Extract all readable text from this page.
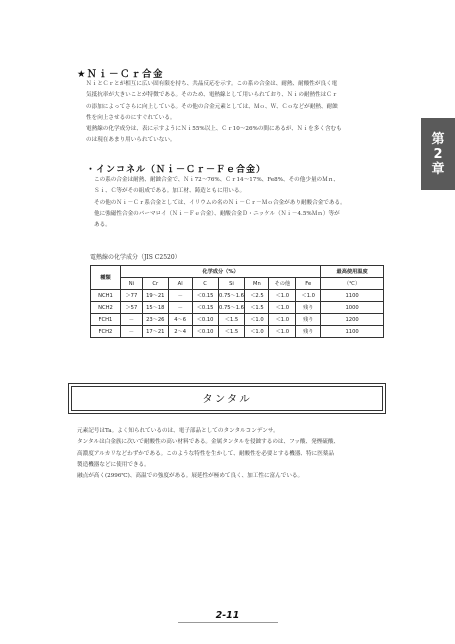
第
2
章
★Ｎｉ－Ｃｒ合金
ＮｉとＣｒとが相互に広い固有限を持ち、共晶反応を示す。この系の合金は、耐熱、耐酸性が良く電
気抵抗率が大きいことが特徴である。そのため、電熱線として用いられており、Ｎｉの耐熱性はＣｒ
の添加によってさらに向上している。その他の合金元素としては、Ｍｏ、Ｗ、Ｃｏなどが耐熱、耐蝕
性を向上させるのにすぐれている。
電熱線の化学成分は、表に示すようにＮｉ55%以上、Ｃｒ10～26%の間にあるが、Ｎｉを多く含むも
のは現在あまり用いられていない。
・インコネル（Ｎｉ－Ｃｒ－Ｆｅ合金）
この系の合金は耐熱、耐蝕合金で、Ｎｉ72～76%、Ｃｒ14～17%、Fe8%、その他少量のＭｎ、
Ｓｉ、Ｃ等がその組成である。加工材、鋳造ともに用いる。
その他のＮｉ－Ｃｒ系合金としては、イリウムの名のＮｉ－Ｃｒ－Ｍｏ合金があり耐酸合金である。
他に強磁性合金のパーマロイ（Ｎｉ－Ｆｅ合金）、耐酸合金Ｄ・ニッケル（Ｎｉ－4.5%Ｍｎ）等が
ある。
電熱線の化学成分（JIS C2520）
種類	化学成分（%）								最高使用温度
	Ni	Cr	Al	C	Si	Mn	その他	Fe	（℃）
NCH1	＞77	19～21	－	＜0.15	0.75～1.6	＜2.5	＜1.0	＜1.0	1100
NCH2	＞57	15～18	－	＜0.15	0.75～1.6	＜1.5	＜1.0	残り	1000
FCH1	－	23～26	4～6	＜0.10	＜1.5	＜1.0	＜1.0	残り	1200
FCH2	－	17～21	2～4	＜0.10	＜1.5	＜1.0	＜1.0	残り	1100
タンタル
元素記号はTa。よく知られているのは、電子部品としてのタンタルコンデンサ。
タンタルは白金族に次いで耐酸性の高い材料である。金属タンタルを侵蝕するのは、フッ酸、発煙硫酸、
高濃度アルカリなどわずかである。このような特性を生かして、耐酸性を必要とする機器、特に医薬品
製造機器などに使用できる。
融点が高く(2996℃)、高温での強度がある。展延性が極めて良く、加工性に富んでいる。
2-11
